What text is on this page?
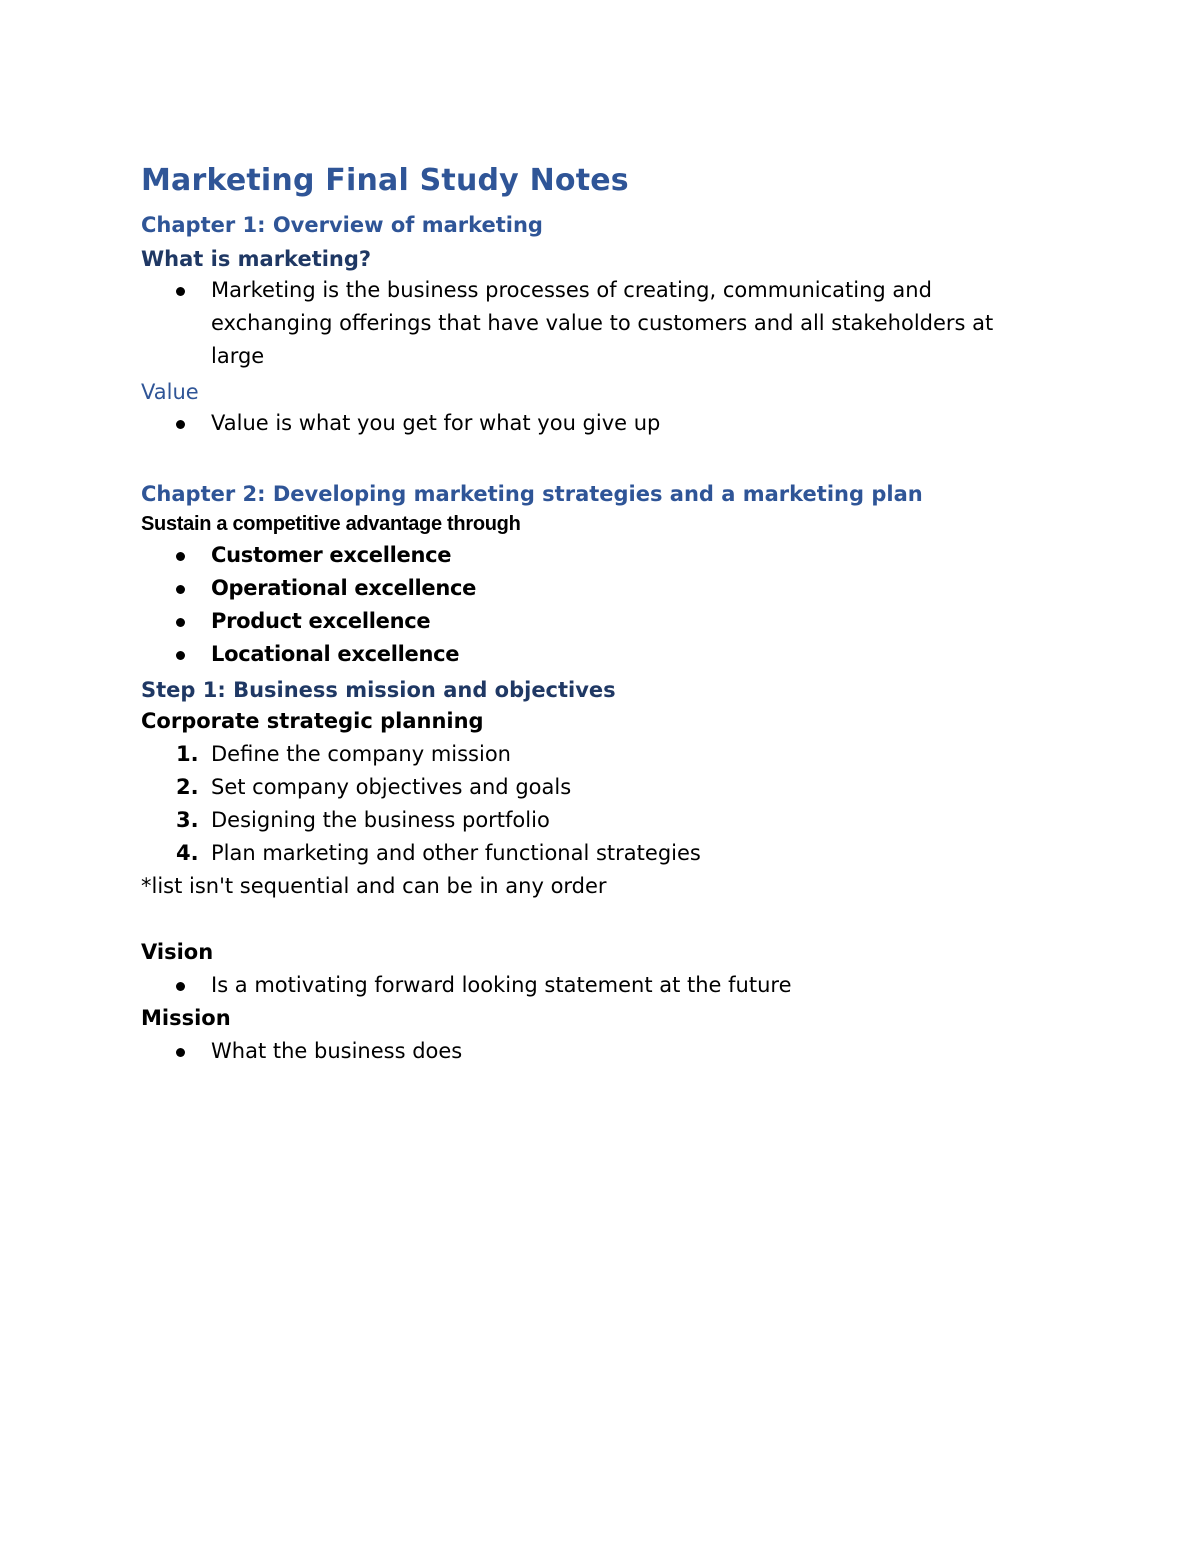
Marketing Final Study Notes
Chapter 1: Overview of marketing
What is marketing?
Marketing is the business processes of creating, communicating and exchanging offerings that have value to customers and all stakeholders at large
Value
Value is what you get for what you give up
Chapter 2: Developing marketing strategies and a marketing plan

Sustain a competitive advantage through

Customer excellence
Operational excellence
Product excellence
Locational excellence
Step 1: Business mission and objectives
Corporate strategic planning
1. Define the company mission
2. Set company objectives and goals
3. Designing the business portfolio
4. Plan marketing and other functional strategies

*list isn't sequential and can be in any order

Vision
Is a motivating forward looking statement at the future
Mission
What the business does
